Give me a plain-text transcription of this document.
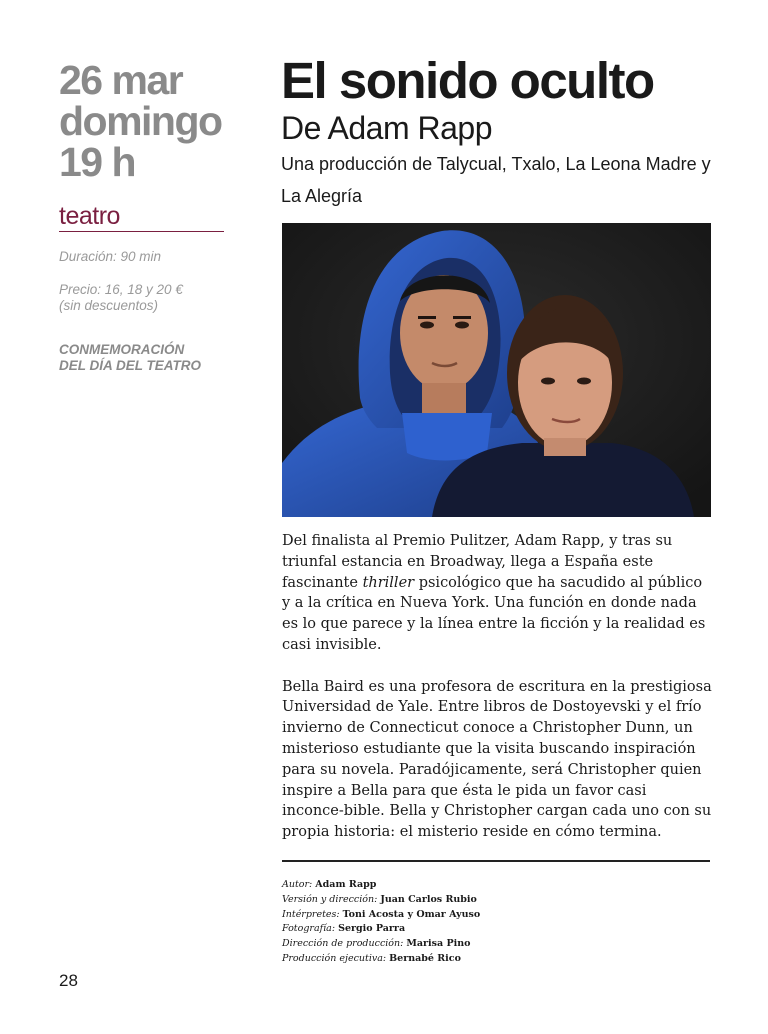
26 mar
domingo
19 h
teatro
Duración: 90 min
Precio: 16, 18 y 20 €
(sin descuentos)
CONMEMORACIÓN
DEL DÍA DEL TEATRO
El sonido oculto
De Adam Rapp
Una producción de Talycual, Txalo, La Leona Madre y La Alegría

Del finalista al Premio Pulitzer, Adam Rapp, y tras su triunfal estancia en Broadway, llega a España este fascinante thriller psicológico que ha sacudido al público y a la crítica en Nueva York. Una función en donde nada es lo que parece y la línea entre la ficción y la realidad es casi invisible.

Bella Baird es una profesora de escritura en la prestigiosa Universidad de Yale. Entre libros de Dostoyevski y el frío invierno de Connecticut conoce a Christopher Dunn, un misterioso estudiante que la visita buscando inspiración para su novela. Paradójicamente, será Christopher quien inspire a Bella para que ésta le pida un favor casi inconce-bible. Bella y Christopher cargan cada uno con su propia historia: el misterio reside en cómo termina.

Autor: Adam Rapp
Versión y dirección: Juan Carlos Rubio
Intérpretes: Toni Acosta y Omar Ayuso
Fotografía: Sergio Parra
Dirección de producción: Marisa Pino
Producción ejecutiva: Bernabé Rico
28
